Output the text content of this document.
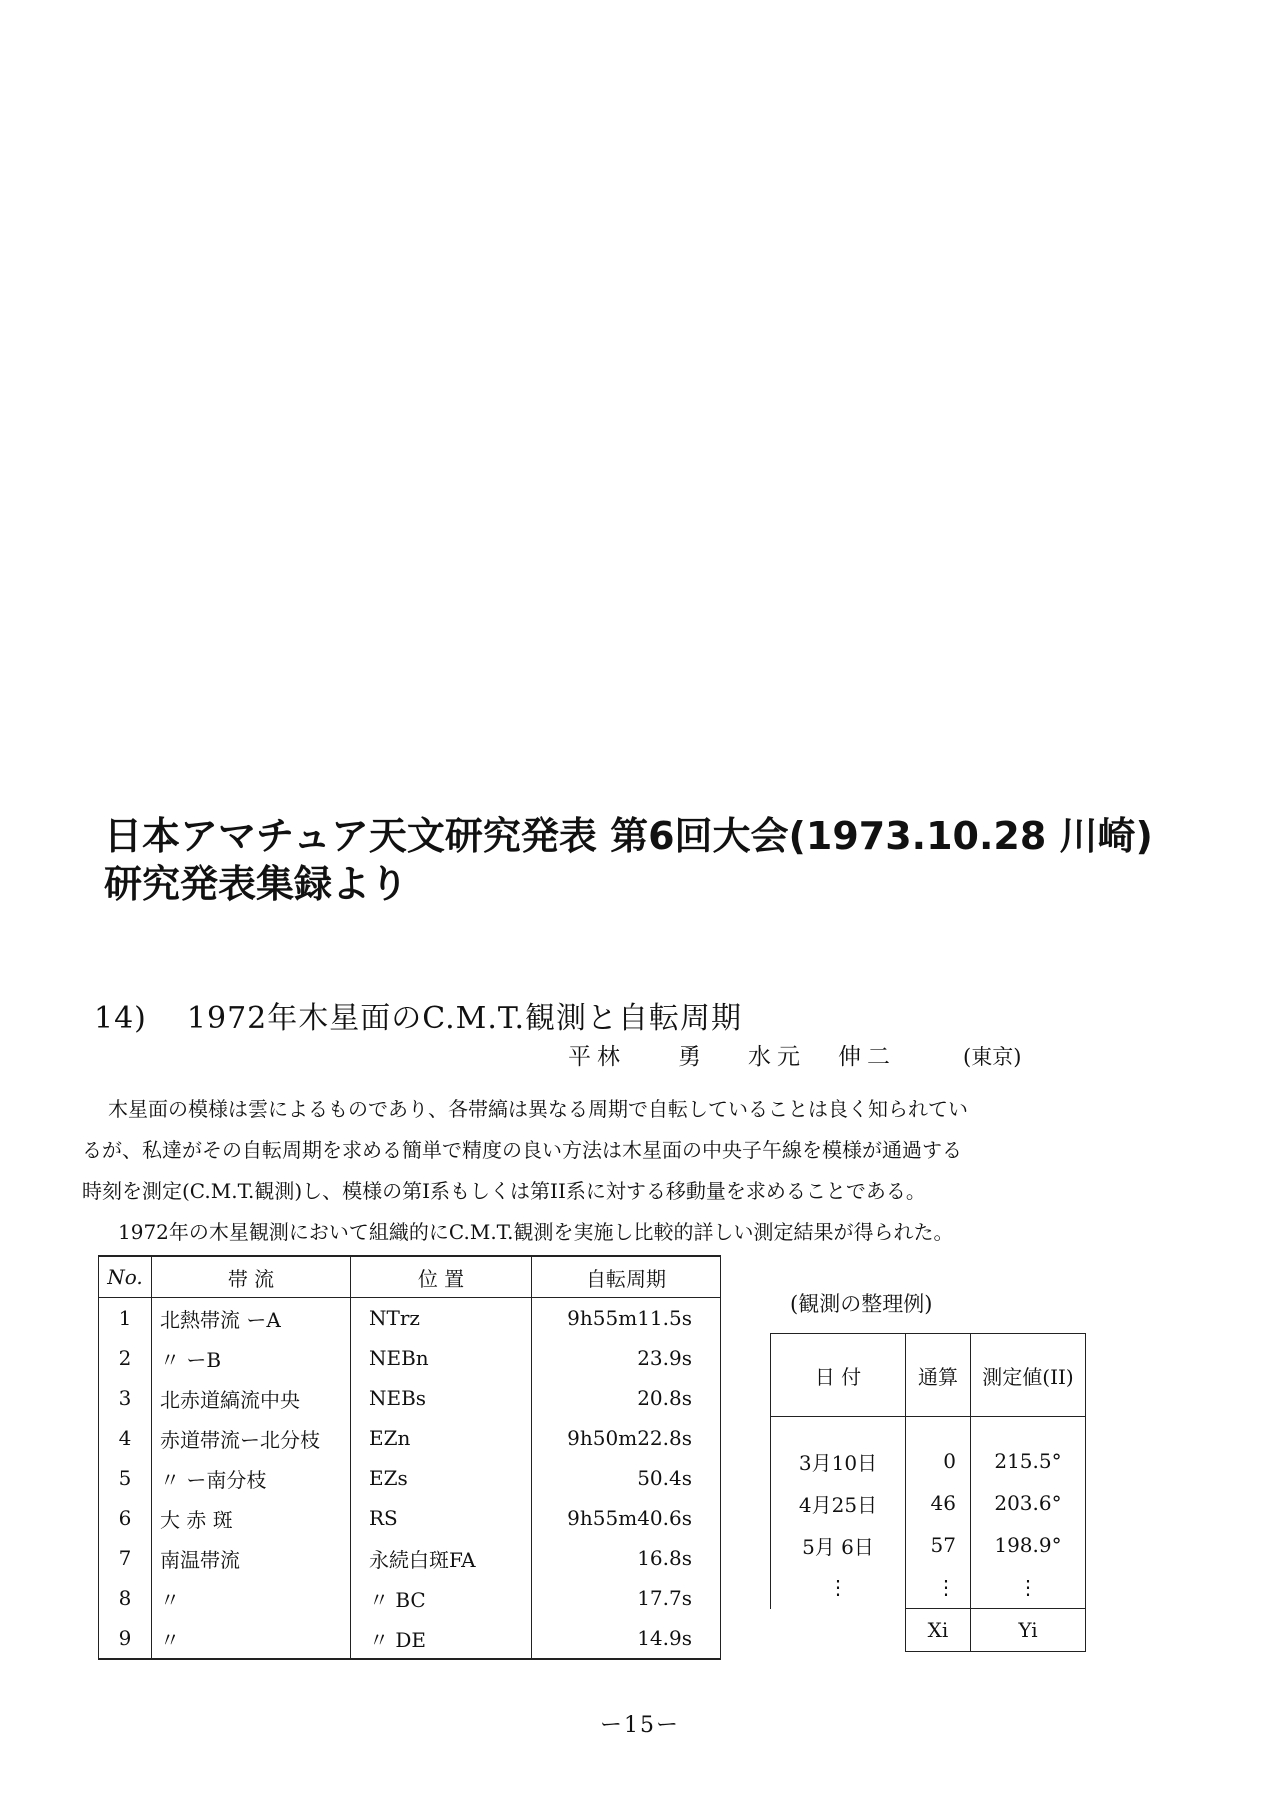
日本アマチュア天文研究発表 第6回大会(1973.10.28 川崎)
研究発表集録より
14) 1972年木星面のC.M.T.観測と自転周期
平林 勇 水元 伸二	(東京)
木星面の模様は雲によるものであり、各帯縞は異なる周期で自転していることは良く知られてい
るが、私達がその自転周期を求める簡単で精度の良い方法は木星面の中央子午線を模様が通過する
時刻を測定(C.M.T.観測)し、模様の第I系もしくは第II系に対する移動量を求めることである。
1972年の木星観測において組織的にC.M.T.観測を実施し比較的詳しい測定結果が得られた。
No.	帯 流	位 置	自転周期
1	北熱帯流 ーA	NTrz	9h55m11.5s
2	〃 ーB	NEBn	23.9s
3	北赤道縞流中央	NEBs	20.8s
4	赤道帯流ー北分枝	EZn	9h50m22.8s
5	〃 ー南分枝	EZs	50.4s
6	大 赤 斑	RS	9h55m40.6s
7	南温帯流	永続白斑FA	16.8s
8	〃	〃 BC	17.7s
9	〃	〃 DE	14.9s
(観測の整理例)
日 付	通算	測定値(II)
3月10日	0	215.5°
4月25日	46	203.6°
5月 6日	57	198.9°
⋮	⋮	⋮
	Xi	Yi
ー15ー
